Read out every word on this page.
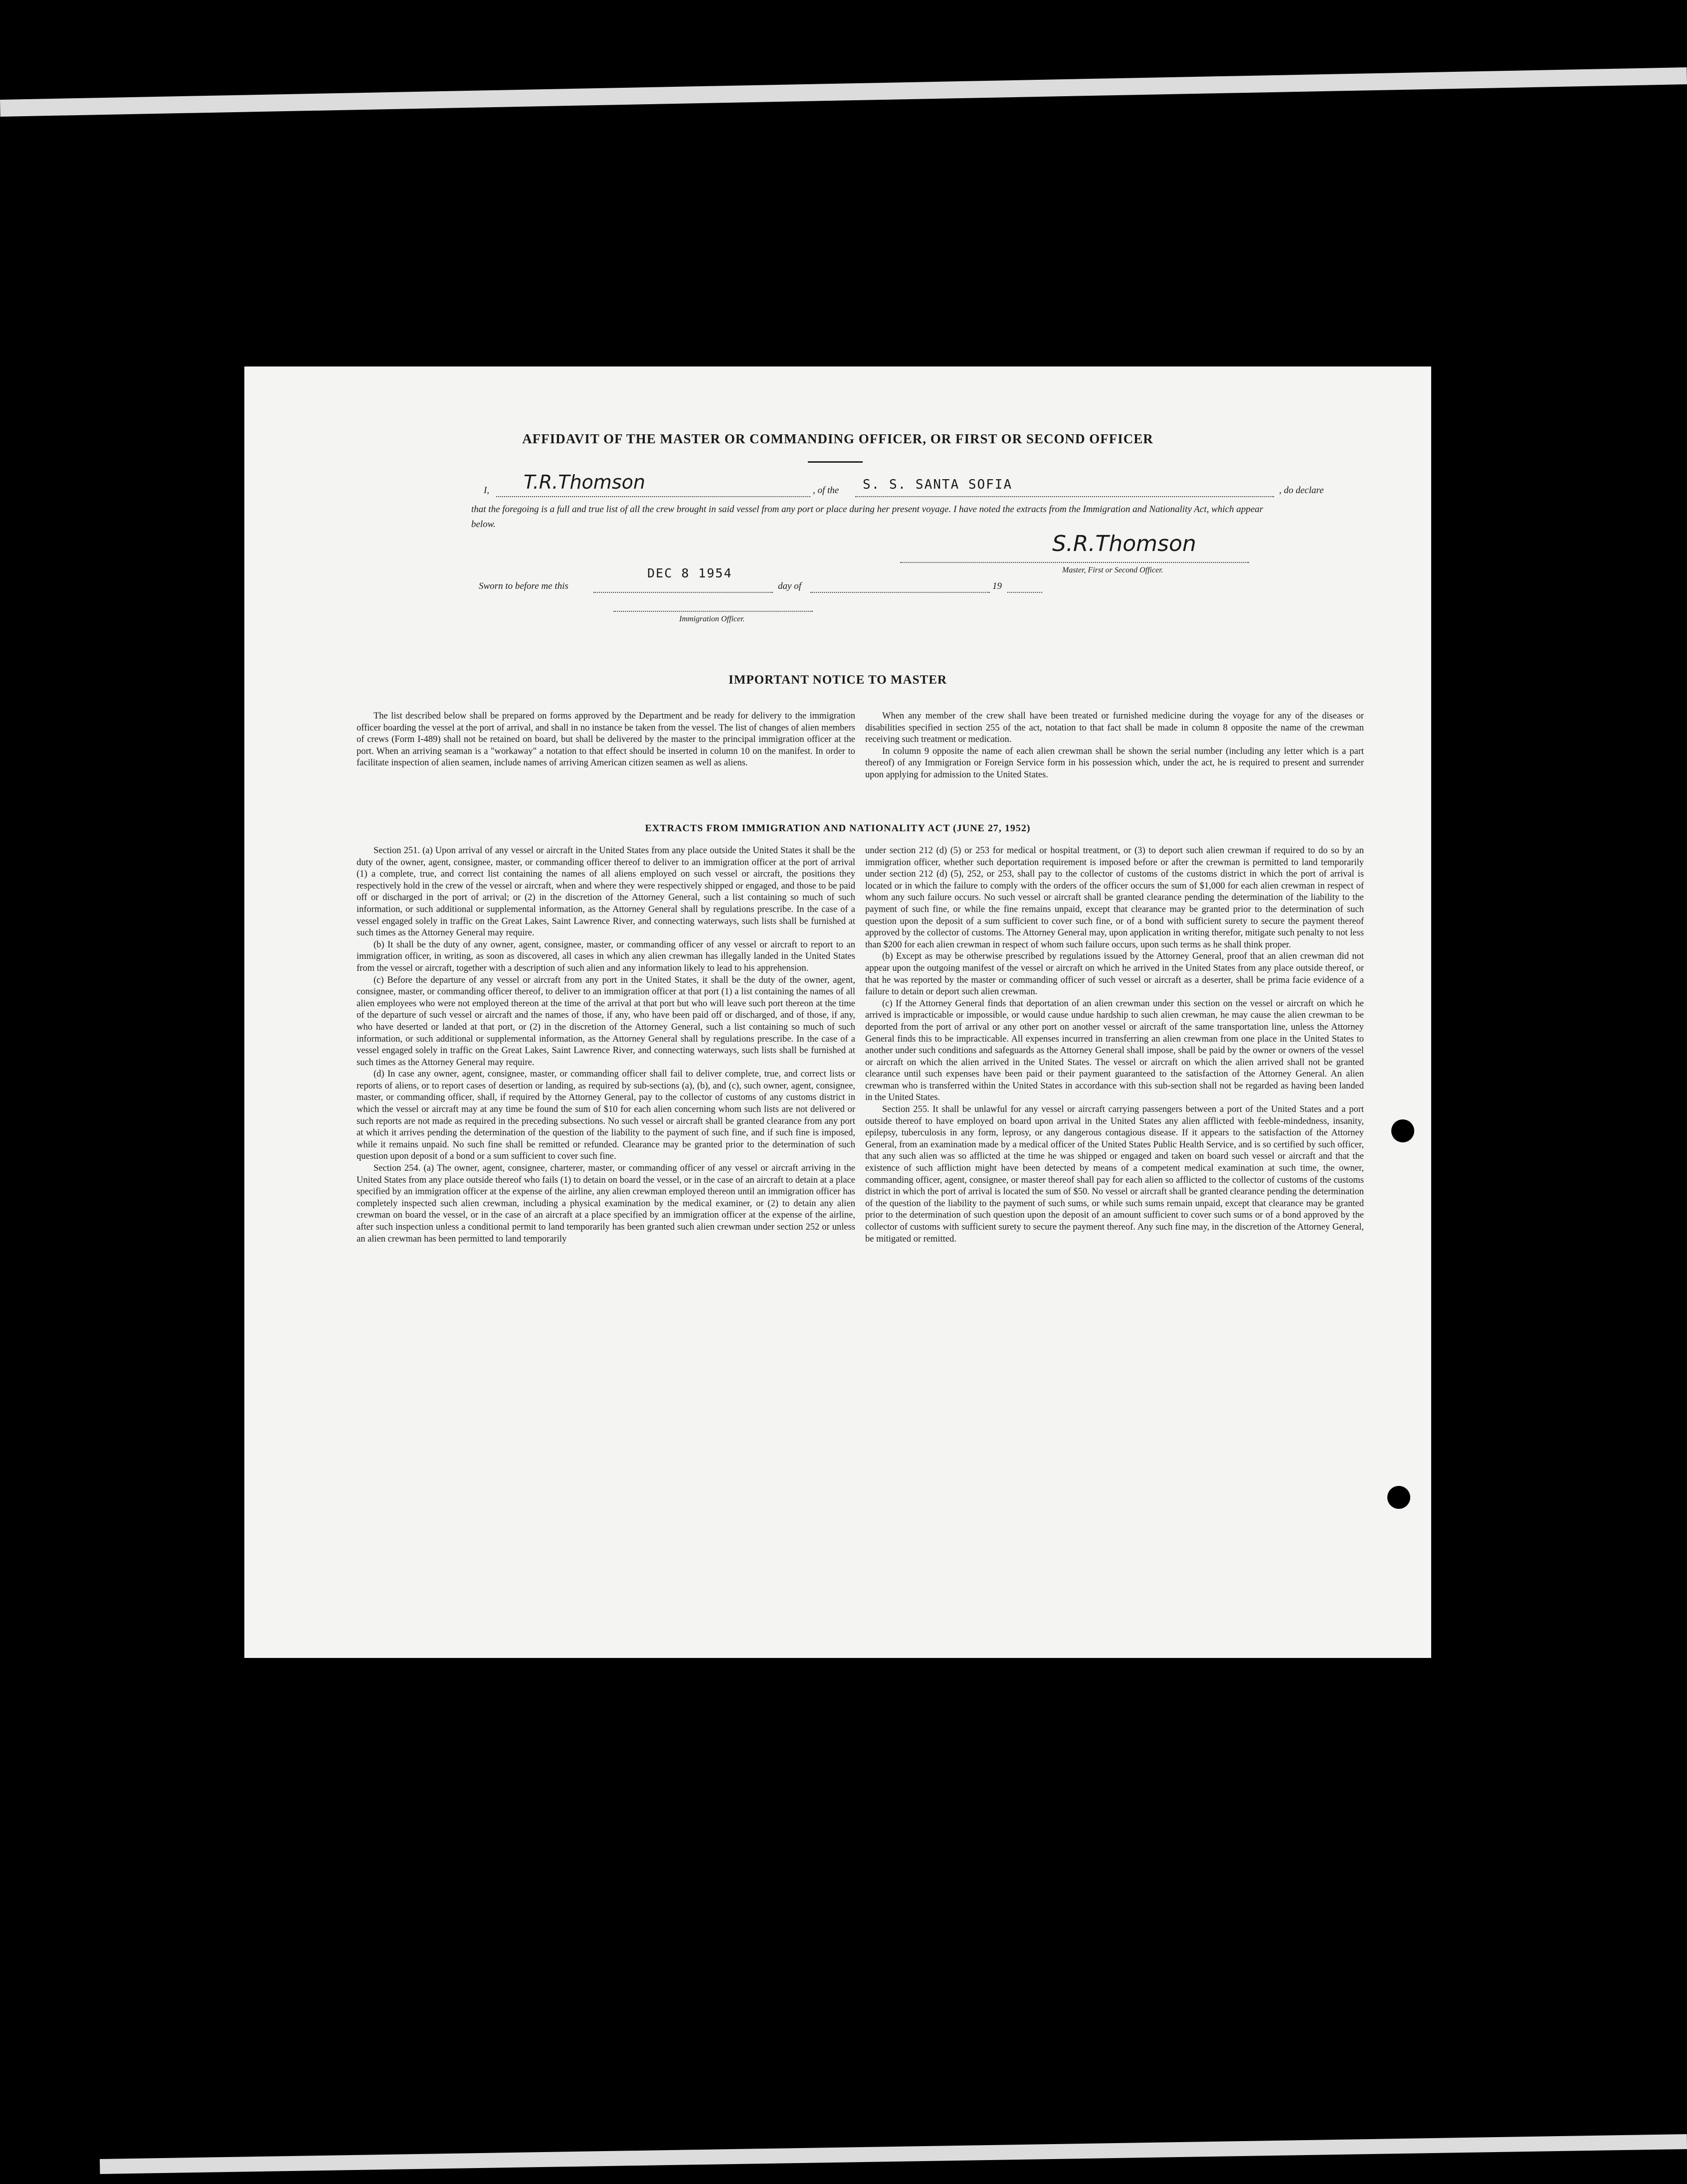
AFFIDAVIT OF THE MASTER OR COMMANDING OFFICER, OR FIRST OR SECOND OFFICER
I, T.R.Thomson	, of the S. S. SANTA SOFIA	, do declare
that the foregoing is a full and true list of all the crew brought in said vessel from any port or place during her present voyage. I have noted the extracts from the Immigration and Nationality Act, which appear below.
S.R.Thomson
Master, First or Second Officer.
Sworn to before me this
DEC 8 1954
day of	19
Immigration Officer.
IMPORTANT NOTICE TO MASTER

The list described below shall be prepared on forms approved by the Department and be ready for delivery to the immigration officer boarding the vessel at the port of arrival, and shall in no instance be taken from the vessel. The list of changes of alien members of crews (Form I-489) shall not be retained on board, but shall be delivered by the master to the principal immigration officer at the port. When an arriving seaman is a "workaway" a notation to that effect should be inserted in column 10 on the manifest. In order to facilitate inspection of alien seamen, include names of arriving American citizen seamen as well as aliens.

When any member of the crew shall have been treated or furnished medicine during the voyage for any of the diseases or disabilities specified in section 255 of the act, notation to that fact shall be made in column 8 opposite the name of the crewman receiving such treatment or medication.

In column 9 opposite the name of each alien crewman shall be shown the serial number (including any letter which is a part thereof) of any Immigration or Foreign Service form in his possession which, under the act, he is required to present and surrender upon applying for admission to the United States.

EXTRACTS FROM IMMIGRATION AND NATIONALITY ACT (JUNE 27, 1952)

Section 251. (a) Upon arrival of any vessel or aircraft in the United States from any place outside the United States it shall be the duty of the owner, agent, consignee, master, or commanding officer thereof to deliver to an immigration officer at the port of arrival (1) a complete, true, and correct list containing the names of all aliens employed on such vessel or aircraft, the positions they respectively hold in the crew of the vessel or aircraft, when and where they were respectively shipped or engaged, and those to be paid off or discharged in the port of arrival; or (2) in the discretion of the Attorney General, such a list containing so much of such information, or such additional or supplemental information, as the Attorney General shall by regulations prescribe. In the case of a vessel engaged solely in traffic on the Great Lakes, Saint Lawrence River, and connecting waterways, such lists shall be furnished at such times as the Attorney General may require.

(b) It shall be the duty of any owner, agent, consignee, master, or commanding officer of any vessel or aircraft to report to an immigration officer, in writing, as soon as discovered, all cases in which any alien crewman has illegally landed in the United States from the vessel or aircraft, together with a description of such alien and any information likely to lead to his apprehension.

(c) Before the departure of any vessel or aircraft from any port in the United States, it shall be the duty of the owner, agent, consignee, master, or commanding officer thereof, to deliver to an immigration officer at that port (1) a list containing the names of all alien employees who were not employed thereon at the time of the arrival at that port but who will leave such port thereon at the time of the departure of such vessel or aircraft and the names of those, if any, who have been paid off or discharged, and of those, if any, who have deserted or landed at that port, or (2) in the discretion of the Attorney General, such a list containing so much of such information, or such additional or supplemental information, as the Attorney General shall by regulations prescribe. In the case of a vessel engaged solely in traffic on the Great Lakes, Saint Lawrence River, and connecting waterways, such lists shall be furnished at such times as the Attorney General may require.

(d) In case any owner, agent, consignee, master, or commanding officer shall fail to deliver complete, true, and correct lists or reports of aliens, or to report cases of desertion or landing, as required by sub-sections (a), (b), and (c), such owner, agent, consignee, master, or commanding officer, shall, if required by the Attorney General, pay to the collector of customs of any customs district in which the vessel or aircraft may at any time be found the sum of $10 for each alien concerning whom such lists are not delivered or such reports are not made as required in the preceding subsections. No such vessel or aircraft shall be granted clearance from any port at which it arrives pending the determination of the question of the liability to the payment of such fine, and if such fine is imposed, while it remains unpaid. No such fine shall be remitted or refunded. Clearance may be granted prior to the determination of such question upon deposit of a bond or a sum sufficient to cover such fine.

Section 254. (a) The owner, agent, consignee, charterer, master, or commanding officer of any vessel or aircraft arriving in the United States from any place outside thereof who fails (1) to detain on board the vessel, or in the case of an aircraft to detain at a place specified by an immigration officer at the expense of the airline, any alien crewman employed thereon until an immigration officer has completely inspected such alien crewman, including a physical examination by the medical examiner, or (2) to detain any alien crewman on board the vessel, or in the case of an aircraft at a place specified by an immigration officer at the expense of the airline, after such inspection unless a conditional permit to land temporarily has been granted such alien crewman under section 252 or unless an alien crewman has been permitted to land temporarily

under section 212 (d) (5) or 253 for medical or hospital treatment, or (3) to deport such alien crewman if required to do so by an immigration officer, whether such deportation requirement is imposed before or after the crewman is permitted to land temporarily under section 212 (d) (5), 252, or 253, shall pay to the collector of customs of the customs district in which the port of arrival is located or in which the failure to comply with the orders of the officer occurs the sum of $1,000 for each alien crewman in respect of whom any such failure occurs. No such vessel or aircraft shall be granted clearance pending the determination of the liability to the payment of such fine, or while the fine remains unpaid, except that clearance may be granted prior to the determination of such question upon the deposit of a sum sufficient to cover such fine, or of a bond with sufficient surety to secure the payment thereof approved by the collector of customs. The Attorney General may, upon application in writing therefor, mitigate such penalty to not less than $200 for each alien crewman in respect of whom such failure occurs, upon such terms as he shall think proper.

(b) Except as may be otherwise prescribed by regulations issued by the Attorney General, proof that an alien crewman did not appear upon the outgoing manifest of the vessel or aircraft on which he arrived in the United States from any place outside thereof, or that he was reported by the master or commanding officer of such vessel or aircraft as a deserter, shall be prima facie evidence of a failure to detain or deport such alien crewman.

(c) If the Attorney General finds that deportation of an alien crewman under this section on the vessel or aircraft on which he arrived is impracticable or impossible, or would cause undue hardship to such alien crewman, he may cause the alien crewman to be deported from the port of arrival or any other port on another vessel or aircraft of the same transportation line, unless the Attorney General finds this to be impracticable. All expenses incurred in transferring an alien crewman from one place in the United States to another under such conditions and safeguards as the Attorney General shall impose, shall be paid by the owner or owners of the vessel or aircraft on which the alien arrived in the United States. The vessel or aircraft on which the alien arrived shall not be granted clearance until such expenses have been paid or their payment guaranteed to the satisfaction of the Attorney General. An alien crewman who is transferred within the United States in accordance with this sub-section shall not be regarded as having been landed in the United States.

Section 255. It shall be unlawful for any vessel or aircraft carrying passengers between a port of the United States and a port outside thereof to have employed on board upon arrival in the United States any alien afflicted with feeble-mindedness, insanity, epilepsy, tuberculosis in any form, leprosy, or any dangerous contagious disease. If it appears to the satisfaction of the Attorney General, from an examination made by a medical officer of the United States Public Health Service, and is so certified by such officer, that any such alien was so afflicted at the time he was shipped or engaged and taken on board such vessel or aircraft and that the existence of such affliction might have been detected by means of a competent medical examination at such time, the owner, commanding officer, agent, consignee, or master thereof shall pay for each alien so afflicted to the collector of customs of the customs district in which the port of arrival is located the sum of $50. No vessel or aircraft shall be granted clearance pending the determination of the question of the liability to the payment of such sums, or while such sums remain unpaid, except that clearance may be granted prior to the determination of such question upon the deposit of an amount sufficient to cover such sums or of a bond approved by the collector of customs with sufficient surety to secure the payment thereof. Any such fine may, in the discretion of the Attorney General, be mitigated or remitted.
